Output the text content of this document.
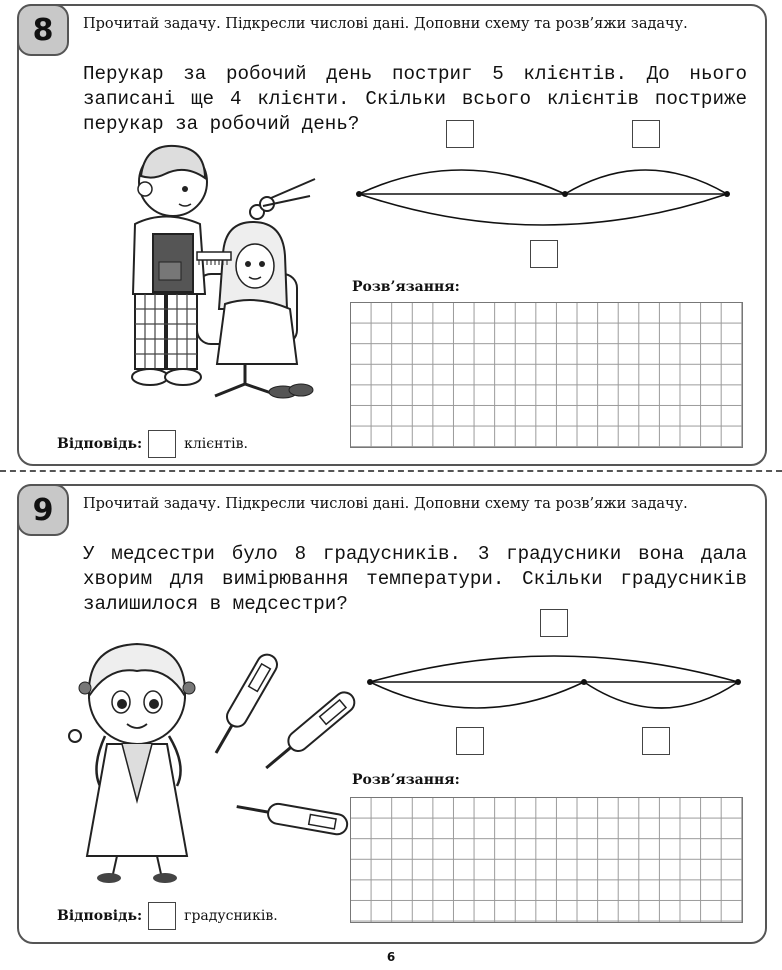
8	Прочитай задачу. Підкресли числові дані. Доповни схему та розв’яжи задачу.
Перукар за робочий день постриг 5 клієнтів. До нього записані ще 4 клієнти. Скільки всього клієнтів постриже перукар за робочий день?
Розв’язання:
Відповідь:	клієнтів.
9	Прочитай задачу. Підкресли числові дані. Доповни схему та розв’яжи задачу.
У медсестри було 8 градусників. 3 градусники вона дала хворим для вимірювання температури. Скільки градусників залишилося в медсестри?
Розв’язання:
Відповідь:	градусників.
6
